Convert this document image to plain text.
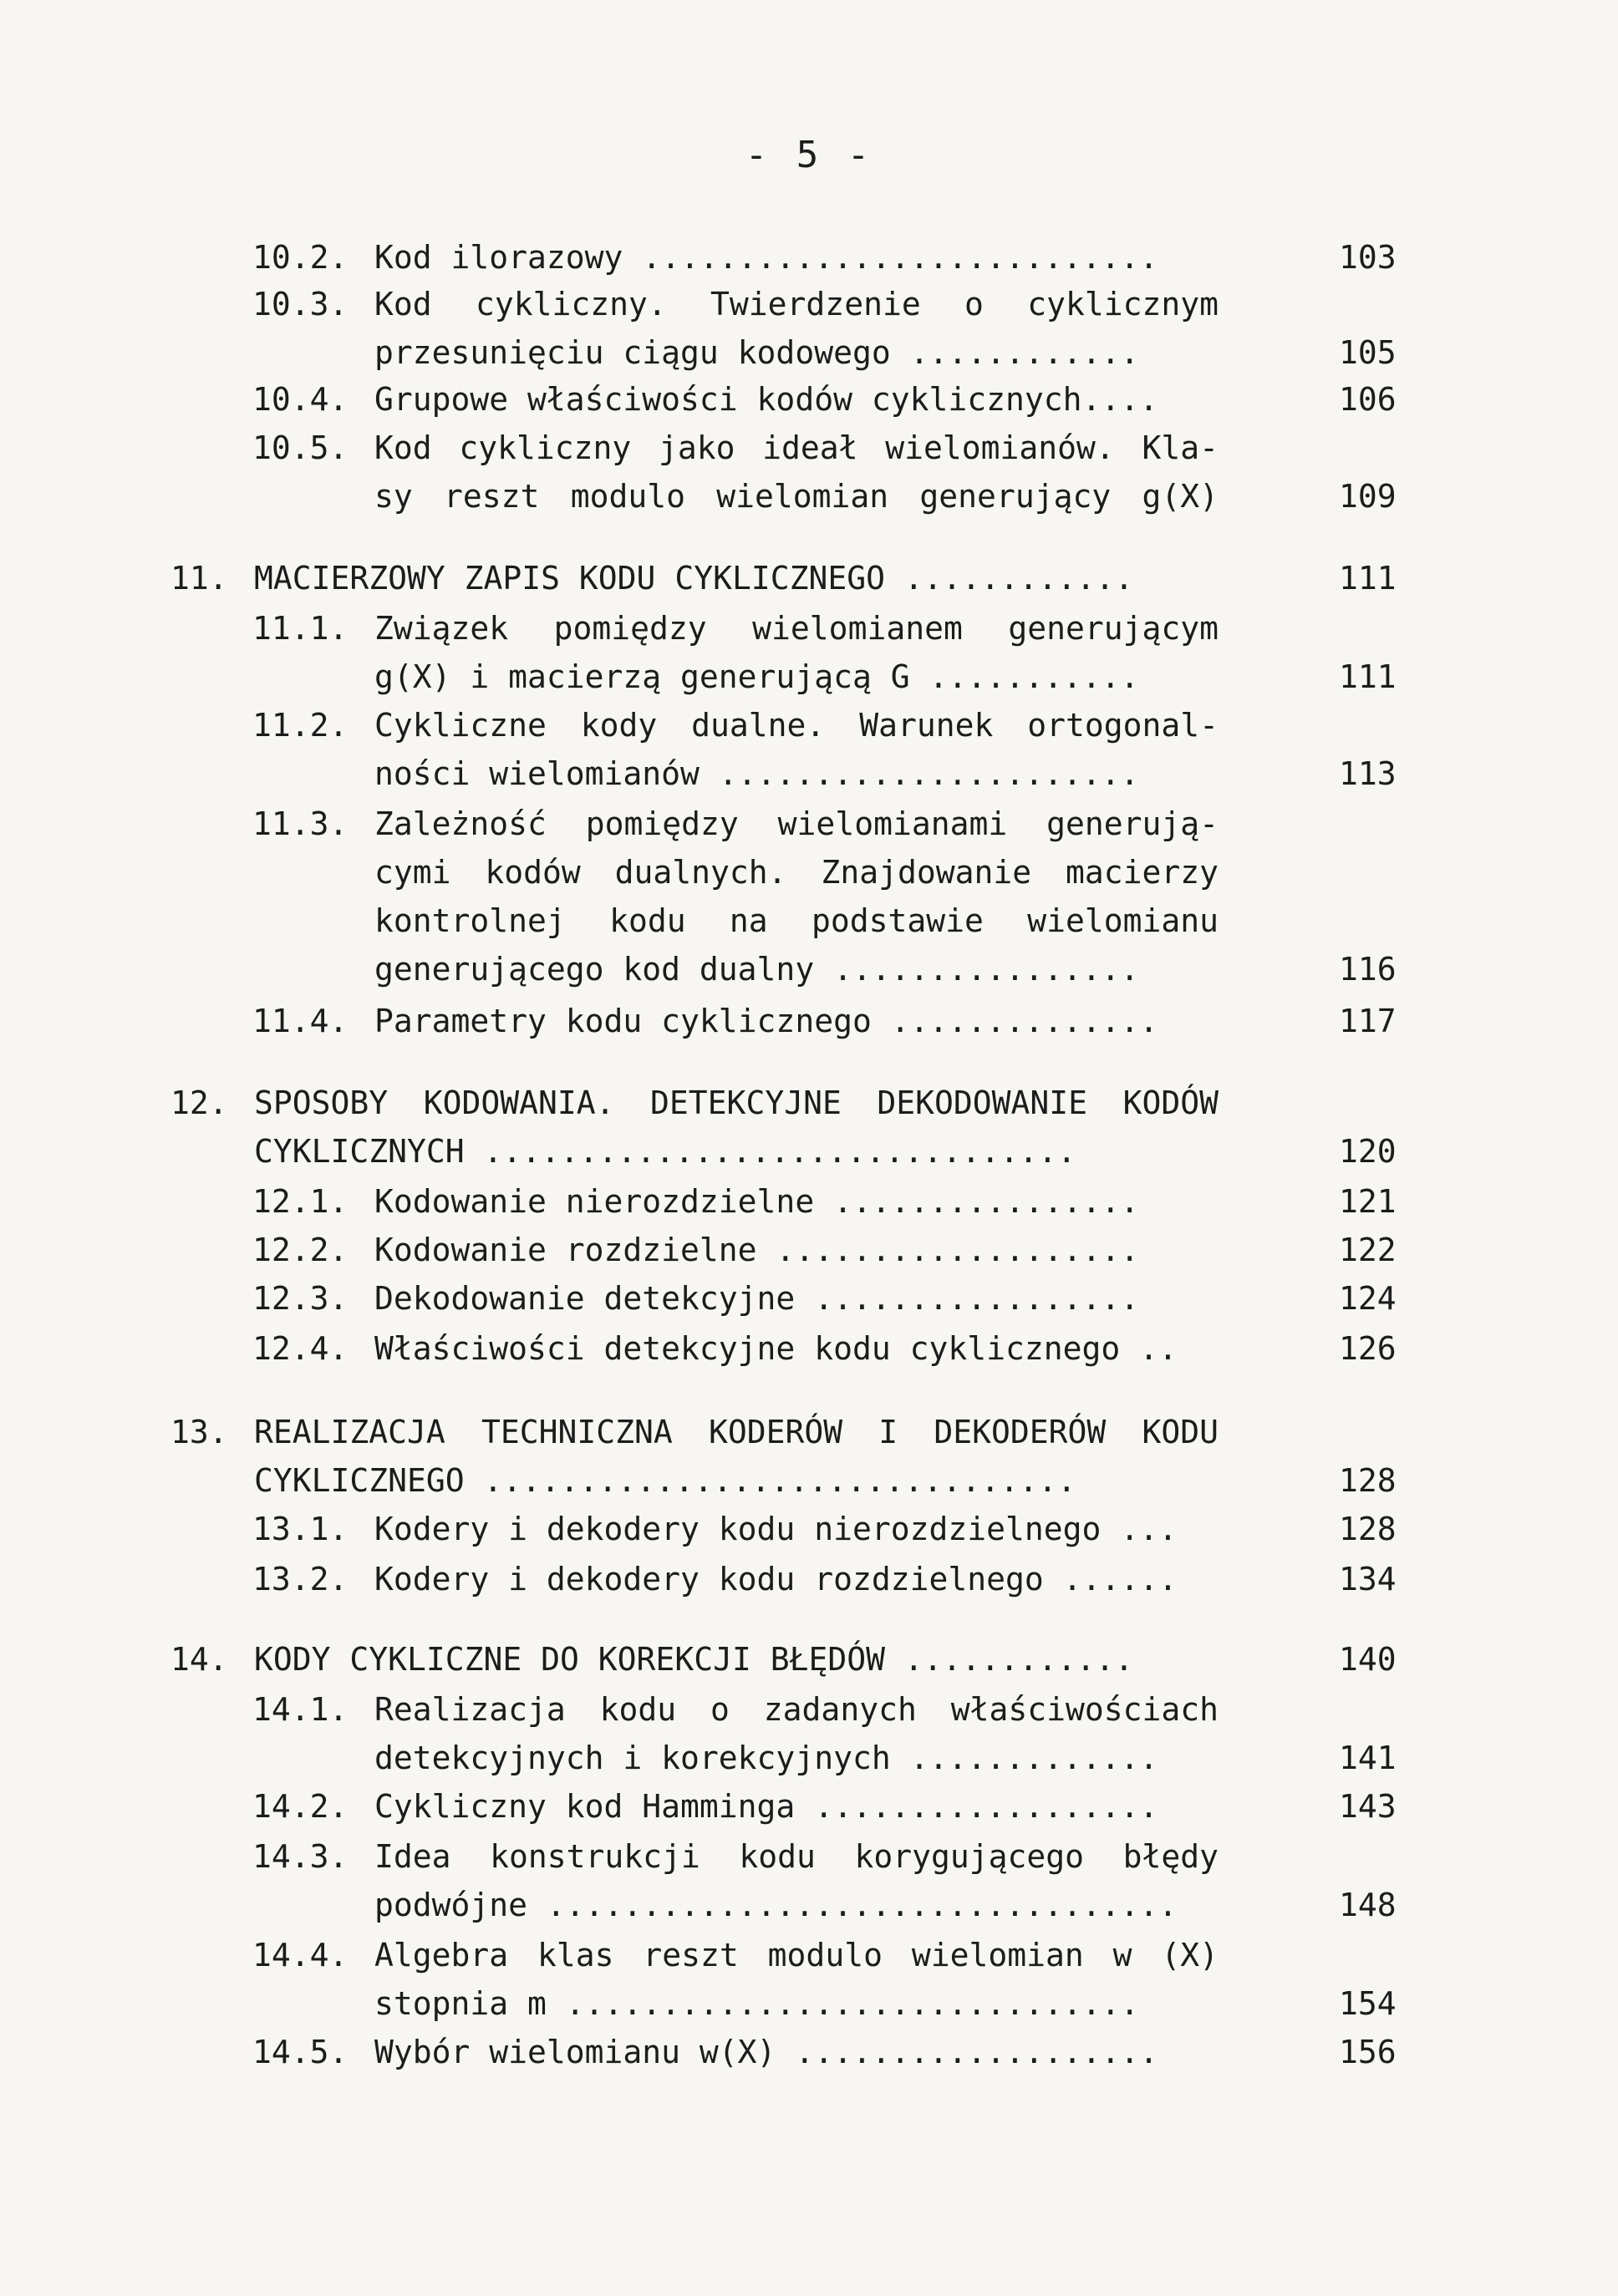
- 5 -
10.2. Kod ilorazowy ...........................	103
10.3. Kod cykliczny. Twierdzenie o cyklicznym
przesunięciu ciągu kodowego ............	105
10.4. Grupowe właściwości kodów cyklicznych....	106
10.5. Kod cykliczny jako ideał wielomianów. Kla-
sy reszt modulo wielomian generujący g(X)	109
11. MACIERZOWY ZAPIS KODU CYKLICZNEGO ............	111
11.1. Związek pomiędzy wielomianem generującym
g(X) i macierzą generującą G ...........	111
11.2. Cykliczne kody dualne. Warunek ortogonal-
ności wielomianów ......................	113
11.3. Zależność pomiędzy wielomianami generują-
cymi kodów dualnych. Znajdowanie macierzy
kontrolnej kodu na podstawie wielomianu
generującego kod dualny ................	116
11.4. Parametry kodu cyklicznego ..............	117
12. SPOSOBY KODOWANIA. DETEKCYJNE DEKODOWANIE KODÓW
CYKLICZNYCH ...............................	120
12.1. Kodowanie nierozdzielne ................	121
12.2. Kodowanie rozdzielne ...................	122
12.3. Dekodowanie detekcyjne .................	124
12.4. Właściwości detekcyjne kodu cyklicznego ..	126
13. REALIZACJA TECHNICZNA KODERÓW I DEKODERÓW KODU
CYKLICZNEGO ...............................	128
13.1. Kodery i dekodery kodu nierozdzielnego ...	128
13.2. Kodery i dekodery kodu rozdzielnego ......	134
14. KODY CYKLICZNE DO KOREKCJI BŁĘDÓW ............	140
14.1. Realizacja kodu o zadanych właściwościach
detekcyjnych i korekcyjnych .............	141
14.2. Cykliczny kod Hamminga ..................	143
14.3. Idea konstrukcji kodu korygującego błędy
podwójne .................................	148
14.4. Algebra klas reszt modulo wielomian w (X)
stopnia m ..............................	154
14.5. Wybór wielomianu w(X) ...................	156
